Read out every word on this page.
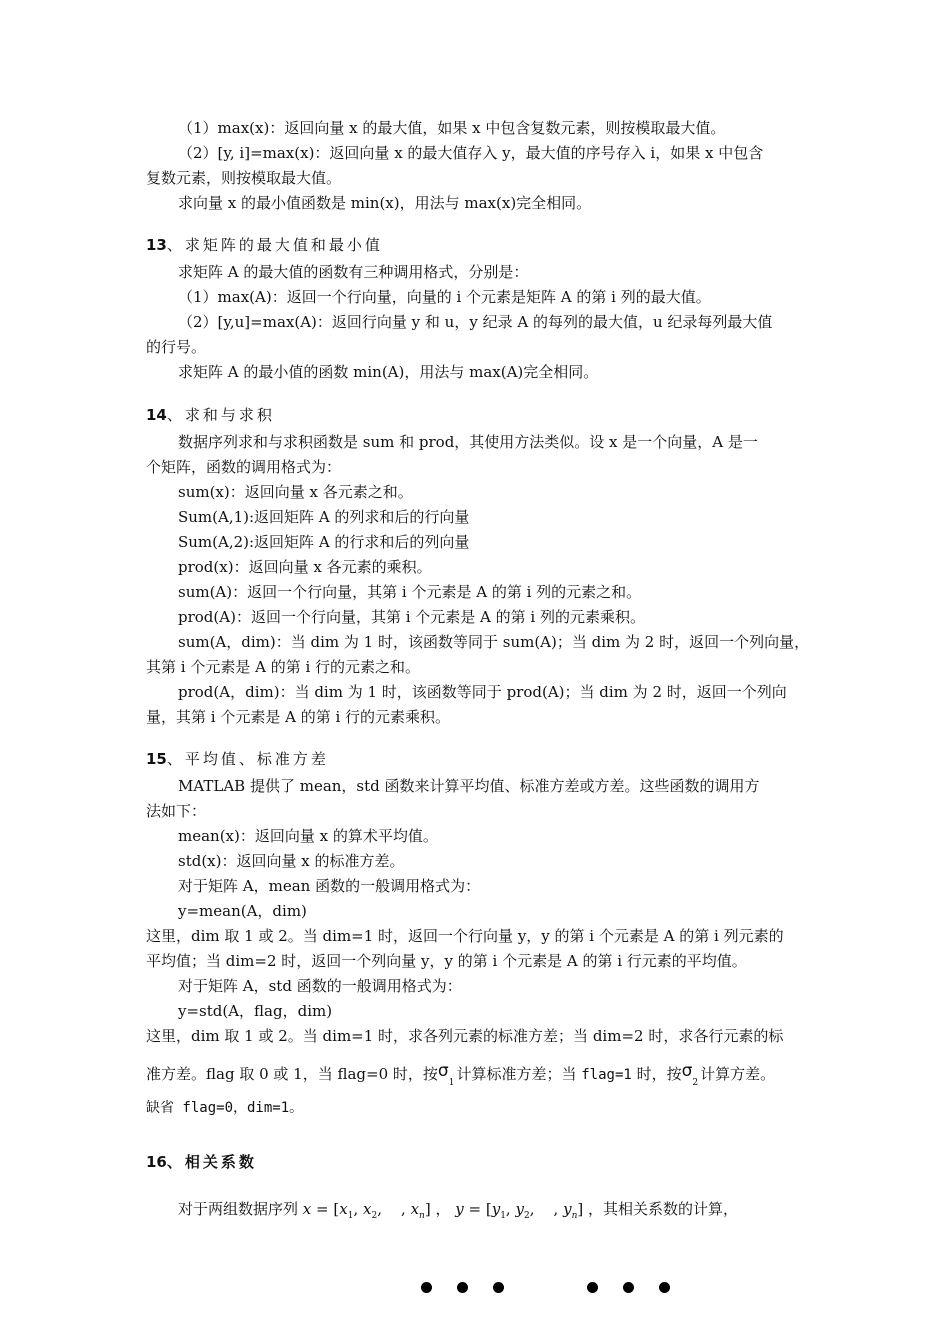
（1）max(x)：返回向量 x 的最大值，如果 x 中包含复数元素，则按模取最大值。
（2）[y, i]=max(x)：返回向量 x 的最大值存入 y，最大值的序号存入 i，如果 x 中包含
复数元素，则按模取最大值。
求向量 x 的最小值函数是 min(x)，用法与 max(x)完全相同。
13、求矩阵的最大值和最小值
求矩阵 A 的最大值的函数有三种调用格式，分别是：
（1）max(A)：返回一个行向量，向量的 i 个元素是矩阵 A 的第 i 列的最大值。
（2）[y,u]=max(A)：返回行向量 y 和 u，y 纪录 A 的每列的最大值，u 纪录每列最大值
的行号。
求矩阵 A 的最小值的函数 min(A)，用法与 max(A)完全相同。
14、求和与求积
数据序列求和与求积函数是 sum 和 prod，其使用方法类似。设 x 是一个向量，A 是一
个矩阵，函数的调用格式为：
sum(x)：返回向量 x 各元素之和。
Sum(A,1):返回矩阵 A 的列求和后的行向量
Sum(A,2):返回矩阵 A 的行求和后的列向量
prod(x)：返回向量 x 各元素的乘积。
sum(A)：返回一个行向量，其第 i 个元素是 A 的第 i 列的元素之和。
prod(A)：返回一个行向量，其第 i 个元素是 A 的第 i 列的元素乘积。
sum(A，dim)：当 dim 为 1 时，该函数等同于 sum(A)；当 dim 为 2 时，返回一个列向量，
其第 i 个元素是 A 的第 i 行的元素之和。
prod(A，dim)：当 dim 为 1 时，该函数等同于 prod(A)；当 dim 为 2 时，返回一个列向
量，其第 i 个元素是 A 的第 i 行的元素乘积。
15、平均值、标准方差
MATLAB 提供了 mean，std 函数来计算平均值、标准方差或方差。这些函数的调用方
法如下：
mean(x)：返回向量 x 的算术平均值。
std(x)：返回向量 x 的标准方差。
对于矩阵 A，mean 函数的一般调用格式为：
y=mean(A，dim)
这里，dim 取 1 或 2。当 dim=1 时，返回一个行向量 y，y 的第 i 个元素是 A 的第 i 列元素的
平均值；当 dim=2 时，返回一个列向量 y，y 的第 i 个元素是 A 的第 i 行元素的平均值。
对于矩阵 A，std 函数的一般调用格式为：
y=std(A，flag，dim)
这里，dim 取 1 或 2。当 dim=1 时，求各列元素的标准方差；当 dim=2 时，求各行元素的标
准方差。flag 取 0 或 1，当 flag=0 时，按$\sigma_1$ 计算标准方差；当 flag=1 时，按$\sigma_2$ 计算方差。
缺省 flag=0，dim=1。
16、相关系数
对于两组数据序列 $x = [x_1$, $x_2$,    , $x_n$] ， $y = [y_1$, $y_2$,    , $y_n$] ，其相关系数的计算，
